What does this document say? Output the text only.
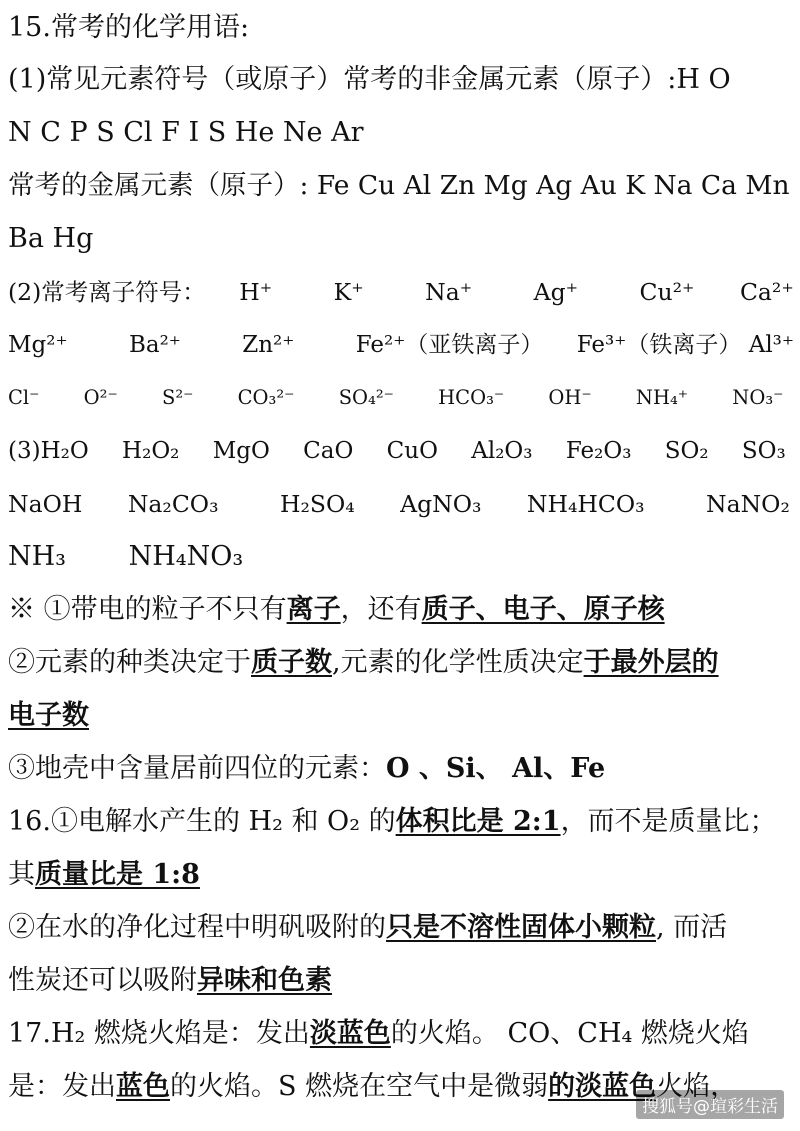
15.常考的化学用语:
(1)常见元素符号（或原子）常考的非金属元素（原子）:H O
N C P S Cl F I S He Ne Ar
常考的金属元素（原子）: Fe Cu Al Zn Mg Ag Au K Na Ca Mn
Ba Hg
(2)常考离子符号： H⁺	K⁺	Na⁺	Ag⁺	Cu²⁺ Ca²⁺
Mg²⁺	Ba²⁺	Zn²⁺	Fe²⁺（亚铁离子） Fe³⁺（铁离子） Al³⁺
Cl⁻ O²⁻ S²⁻ CO₃²⁻ SO₄²⁻ HCO₃⁻ OH⁻ NH₄⁺ NO₃⁻
(3)H₂O H₂O₂ MgO CaO CuO Al₂O₃ Fe₂O₃ SO₂ SO₃
NaOH Na₂CO₃	H₂SO₄ AgNO₃ NH₄HCO₃	NaNO₂
NH₃ NH₄NO₃
※ ①带电的粒子不只有离子，还有质子、电子、原子核
②元素的种类决定于质子数,元素的化学性质决定于最外层的
电子数
③地壳中含量居前四位的元素：O 、Si、 Al、Fe
16.①电解水产生的 H₂ 和 O₂ 的体积比是 2:1，而不是质量比；
其质量比是 1:8
②在水的净化过程中明矾吸附的只是不溶性固体小颗粒, 而活
性炭还可以吸附异味和色素
17.H₂ 燃烧火焰是：发出淡蓝色的火焰。 CO、CH₄ 燃烧火焰
是：发出蓝色的火焰。S 燃烧在空气中是微弱的淡蓝色火焰，
搜狐号@瑄彩生活
